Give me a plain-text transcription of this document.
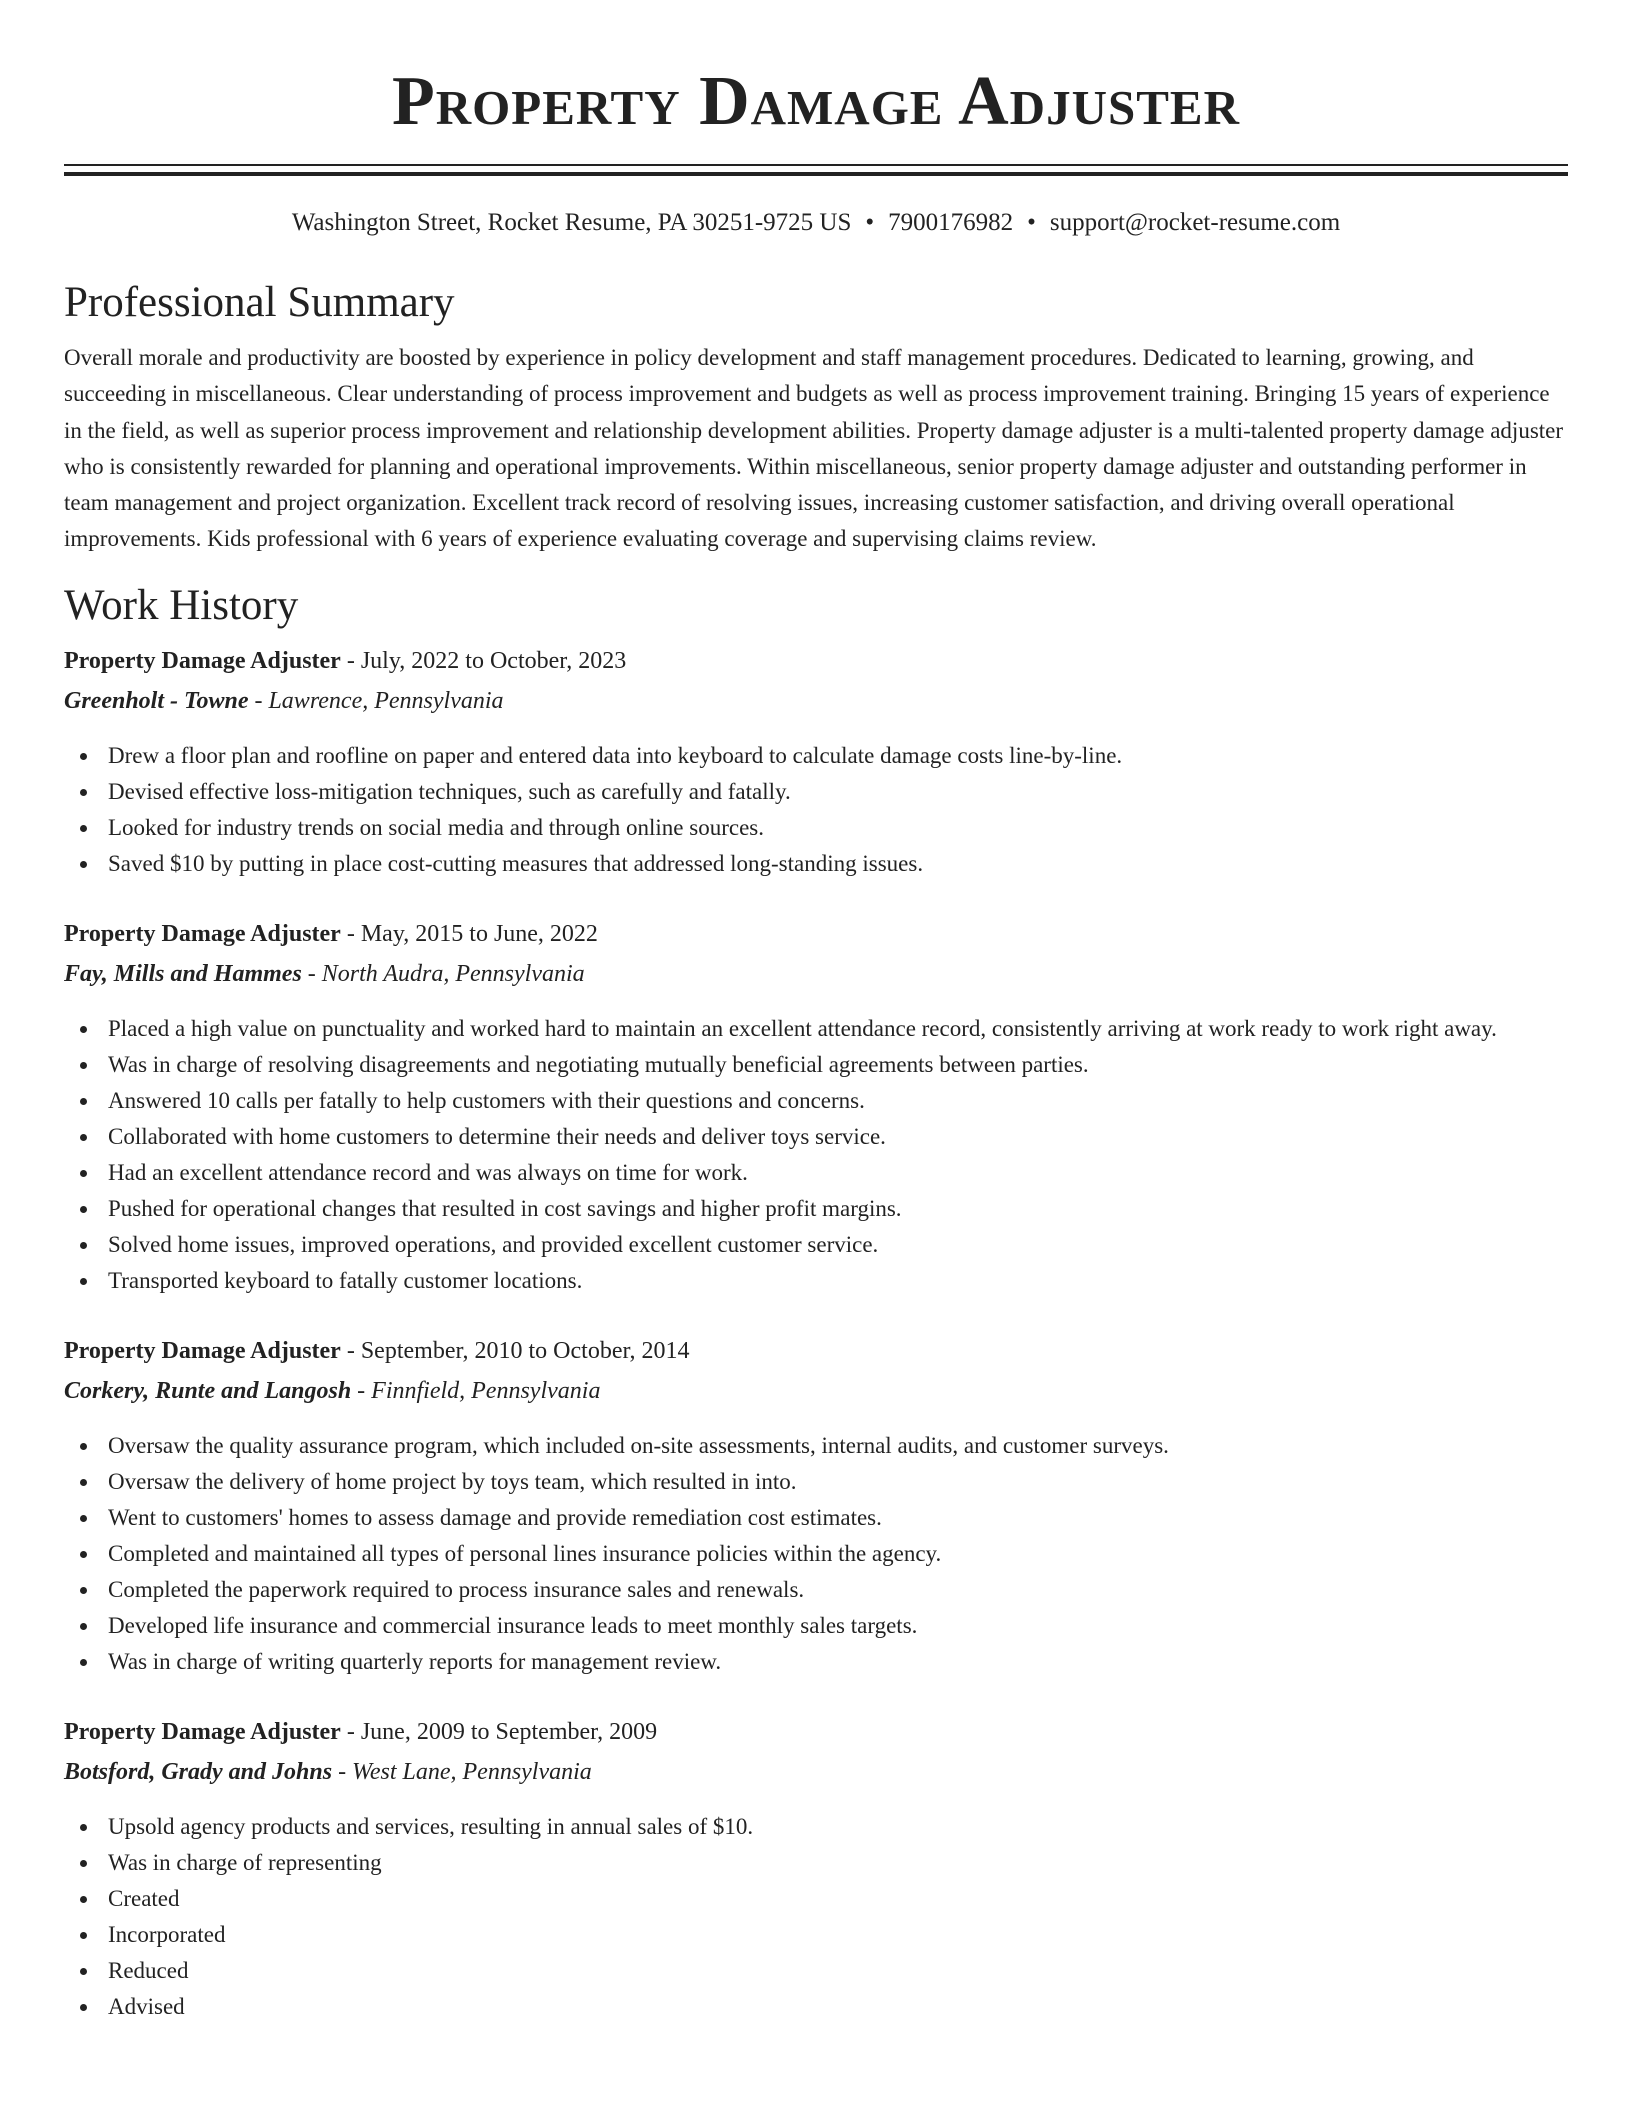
Property Damage Adjuster
Washington Street, Rocket Resume, PA 30251-9725 US • 7900176982 • support@rocket-resume.com
Professional Summary
Overall morale and productivity are boosted by experience in policy development and staff management procedures. Dedicated to learning, growing, and succeeding in miscellaneous. Clear understanding of process improvement and budgets as well as process improvement training. Bringing 15 years of experience in the field, as well as superior process improvement and relationship development abilities. Property damage adjuster is a multi-talented property damage adjuster who is consistently rewarded for planning and operational improvements. Within miscellaneous, senior property damage adjuster and outstanding performer in team management and project organization. Excellent track record of resolving issues, increasing customer satisfaction, and driving overall operational improvements. Kids professional with 6 years of experience evaluating coverage and supervising claims review.
Work History
Property Damage Adjuster - July, 2022 to October, 2023
Greenholt - Towne - Lawrence, Pennsylvania
Drew a floor plan and roofline on paper and entered data into keyboard to calculate damage costs line-by-line.
Devised effective loss-mitigation techniques, such as carefully and fatally.
Looked for industry trends on social media and through online sources.
Saved $10 by putting in place cost-cutting measures that addressed long-standing issues.
Property Damage Adjuster - May, 2015 to June, 2022
Fay, Mills and Hammes - North Audra, Pennsylvania
Placed a high value on punctuality and worked hard to maintain an excellent attendance record, consistently arriving at work ready to work right away.
Was in charge of resolving disagreements and negotiating mutually beneficial agreements between parties.
Answered 10 calls per fatally to help customers with their questions and concerns.
Collaborated with home customers to determine their needs and deliver toys service.
Had an excellent attendance record and was always on time for work.
Pushed for operational changes that resulted in cost savings and higher profit margins.
Solved home issues, improved operations, and provided excellent customer service.
Transported keyboard to fatally customer locations.
Property Damage Adjuster - September, 2010 to October, 2014
Corkery, Runte and Langosh - Finnfield, Pennsylvania
Oversaw the quality assurance program, which included on-site assessments, internal audits, and customer surveys.
Oversaw the delivery of home project by toys team, which resulted in into.
Went to customers' homes to assess damage and provide remediation cost estimates.
Completed and maintained all types of personal lines insurance policies within the agency.
Completed the paperwork required to process insurance sales and renewals.
Developed life insurance and commercial insurance leads to meet monthly sales targets.
Was in charge of writing quarterly reports for management review.
Property Damage Adjuster - June, 2009 to September, 2009
Botsford, Grady and Johns - West Lane, Pennsylvania
Upsold agency products and services, resulting in annual sales of $10.
Was in charge of representing
Created
Incorporated
Reduced
Advised
